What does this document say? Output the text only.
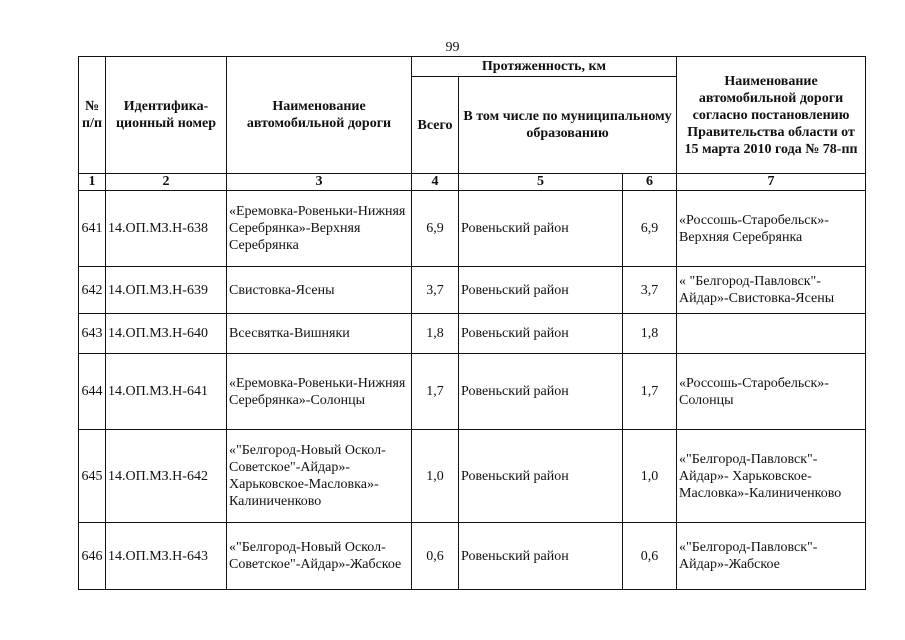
99
№ п/п	Идентифика-ционный номер	Наименование автомобильной дороги	Протяженность, км			Наименование автомобильной дороги согласно постановлению Правительства области от 15 марта 2010 года № 78-пп
			Всего	В том числе по муниципальному образованию		
1	2	3	4	5	6	7
641	14.ОП.МЗ.Н-638	«Еремовка-Ровеньки-Нижняя Серебрянка»-Верхняя Серебрянка	6,9	Ровеньский район	6,9	«Россошь-Старобельск»-Верхняя Серебрянка
642	14.ОП.МЗ.Н-639	Свистовка-Ясены	3,7	Ровеньский район	3,7	« "Белгород-Павловск"-Айдар»-Свистовка-Ясены
643	14.ОП.МЗ.Н-640	Всесвятка-Вишняки	1,8	Ровеньский район	1,8	
644	14.ОП.МЗ.Н-641	«Еремовка-Ровеньки-Нижняя Серебрянка»-Солонцы	1,7	Ровеньский район	1,7	«Россошь-Старобельск»-Солонцы
645	14.ОП.МЗ.Н-642	«"Белгород-Новый Оскол-Советское"-Айдар»-Харьковское-Масловка»-Калиниченково	1,0	Ровеньский район	1,0	«"Белгород-Павловск"-Айдар»- Харьковское-Масловка»-Калиниченково
646	14.ОП.МЗ.Н-643	«"Белгород-Новый Оскол-Советское"-Айдар»-Жабское	0,6	Ровеньский район	0,6	«"Белгород-Павловск"-Айдар»-Жабское
